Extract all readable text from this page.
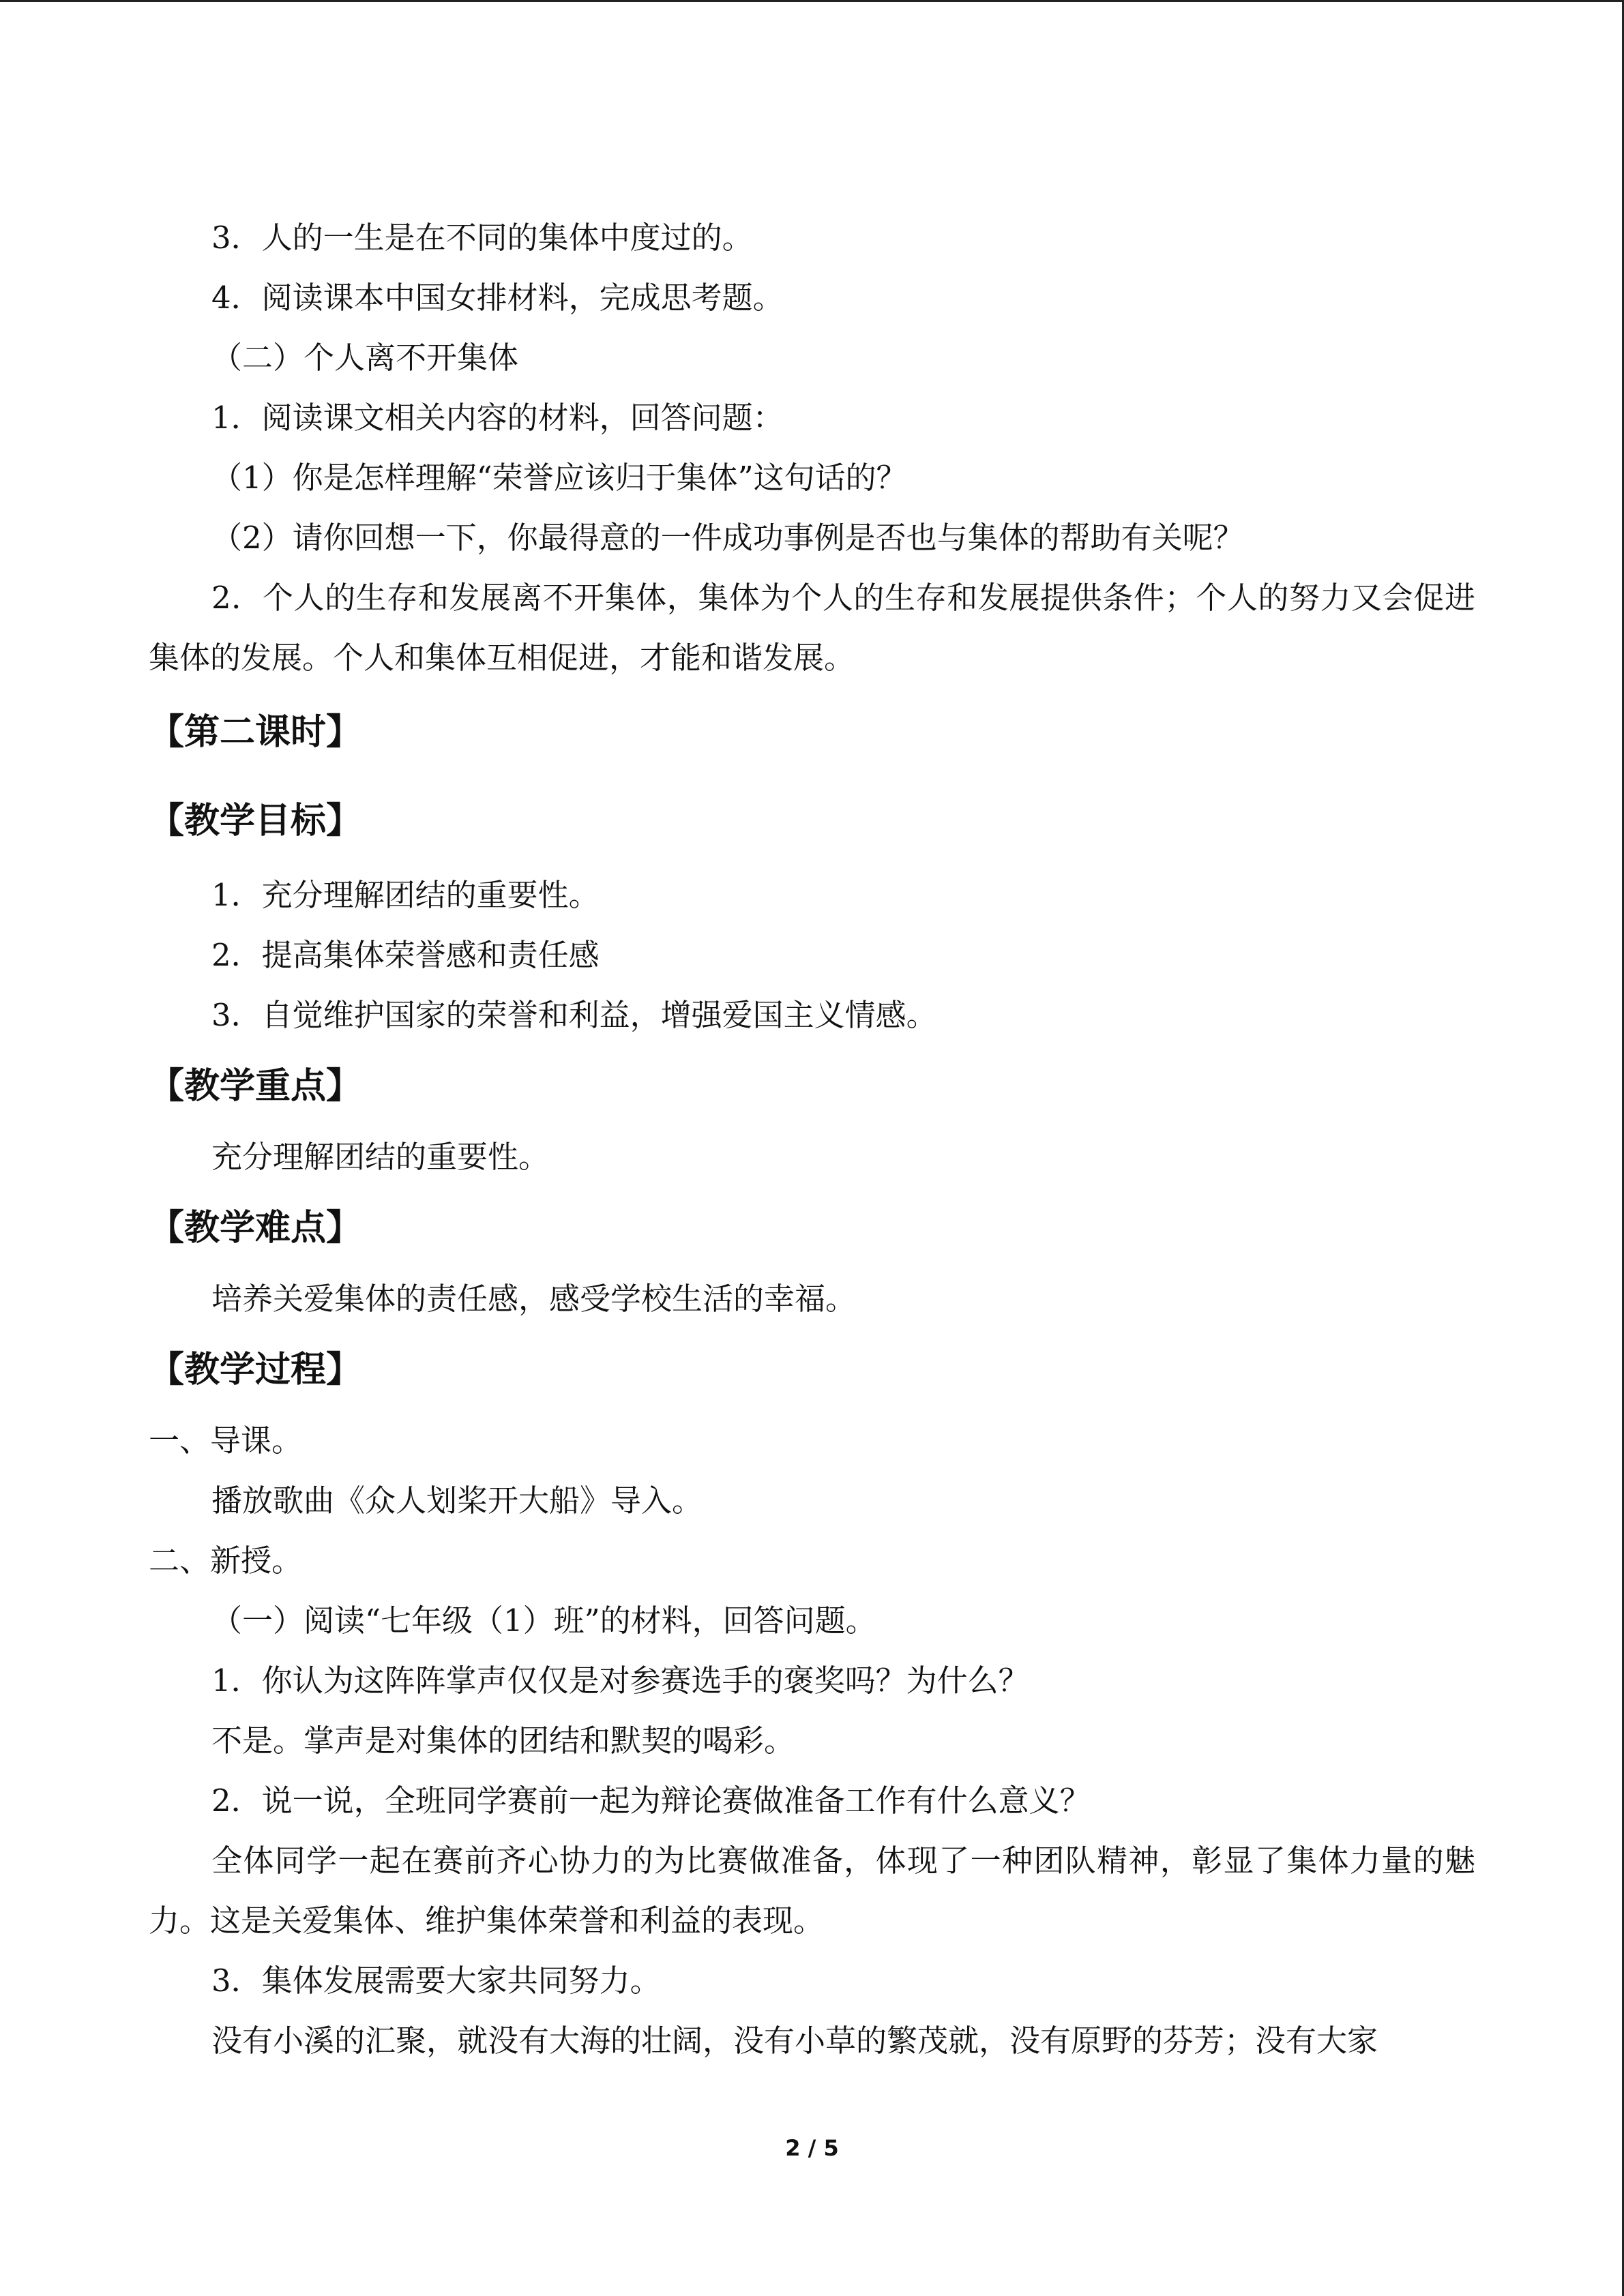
3．人的一生是在不同的集体中度过的。

4．阅读课本中国女排材料，完成思考题。

（二）个人离不开集体

1．阅读课文相关内容的材料，回答问题：

（1）你是怎样理解“荣誉应该归于集体”这句话的？

（2）请你回想一下，你最得意的一件成功事例是否也与集体的帮助有关呢？

2．个人的生存和发展离不开集体，集体为个人的生存和发展提供条件；个人的努力又会促进集体的发展。个人和集体互相促进，才能和谐发展。

【第二课时】

【教学目标】

1．充分理解团结的重要性。

2．提高集体荣誉感和责任感

3．自觉维护国家的荣誉和利益，增强爱国主义情感。

【教学重点】

充分理解团结的重要性。

【教学难点】

培养关爱集体的责任感，感受学校生活的幸福。

【教学过程】

一、导课。

播放歌曲《众人划桨开大船》导入。

二、新授。

（一）阅读“七年级（1）班”的材料，回答问题。

1．你认为这阵阵掌声仅仅是对参赛选手的褒奖吗？为什么？

不是。掌声是对集体的团结和默契的喝彩。

2．说一说，全班同学赛前一起为辩论赛做准备工作有什么意义？

全体同学一起在赛前齐心协力的为比赛做准备，体现了一种团队精神，彰显了集体力量的魅力。这是关爱集体、维护集体荣誉和利益的表现。

3．集体发展需要大家共同努力。

没有小溪的汇聚，就没有大海的壮阔，没有小草的繁茂就，没有原野的芬芳；没有大家

2 / 5
